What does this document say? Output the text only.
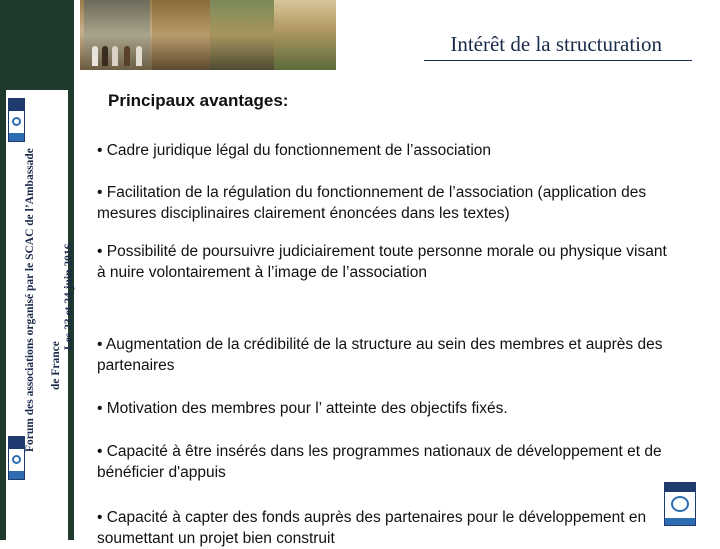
Forum des associations organisé par le SCAC de l’Ambassade de France
Les 23 et 24 juin 2016
Intérêt de la structuration
Principaux avantages:

• Cadre juridique légal du fonctionnement de l’association

• Facilitation de la régulation du fonctionnement de l’association (application des mesures disciplinaires clairement énoncées dans les textes)

• Possibilité de poursuivre judiciairement toute personne morale ou physique visant à nuire volontairement à l’image de l’association

• Augmentation de la crédibilité de la structure au sein des membres et auprès des partenaires

• Motivation des membres pour l’ atteinte des objectifs fixés.

• Capacité à être insérés dans les programmes nationaux de développement et de bénéficier d'appuis

• Capacité à capter des fonds auprès des partenaires pour le développement en soumettant un projet bien construit
